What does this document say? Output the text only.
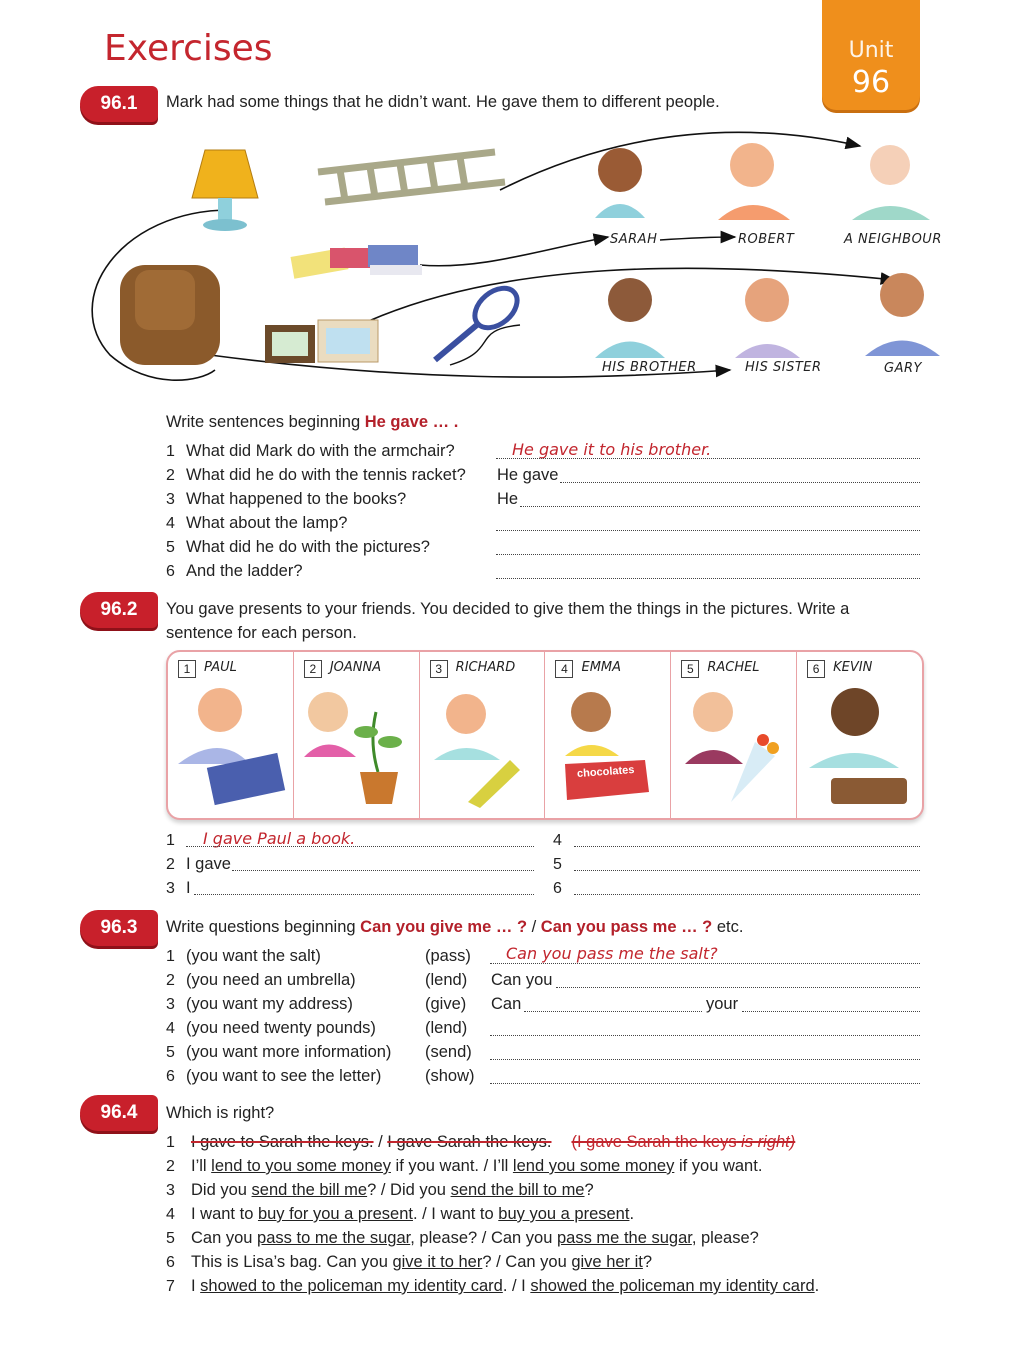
Exercises	Unit
96
96.1	Mark had some things that he didn’t want. He gave them to different people.
SARAH	ROBERT	A NEIGHBOUR
HIS BROTHER	HIS SISTER	GARY
Write sentences beginning He gave … .
1 What did Mark do with the armchair?	He gave it to his brother.
2 What did he do with the tennis racket? He gave
3 What happened to the books?	He
4 What about the lamp?
5 What did he do with the pictures?
6 And the ladder?
96.2	You gave presents to your friends. You decided to give them the things in the pictures. Write a
sentence for each person.
1	PAUL	2	JOANNA	3	RICHARD	4	EMMA
chocolates
5	RACHEL	6	KEVIN
1 I gave Paul a book.
2 I gave
3 I
4
5
6
96.3	Write questions beginning Can you give me … ? / Can you pass me … ? etc.
1 (you want the salt)	(pass) Can you pass me the salt?
2 (you need an umbrella)	(lend) Can you
3 (you want my address)	(give) Can	your
4 (you need twenty pounds)	(lend)
5 (you want more information) (send)
6 (you want to see the letter)	(show)
96.4	Which is right?
1 I gave to Sarah the keys. / I gave Sarah the keys. (I gave Sarah the keys is right)
2 I’ll lend to you some money if you want. / I’ll lend you some money if you want.
3 Did you send the bill me? / Did you send the bill to me?
4 I want to buy for you a present. / I want to buy you a present.
5 Can you pass to me the sugar, please? / Can you pass me the sugar, please?
6 This is Lisa’s bag. Can you give it to her? / Can you give her it?
7 I showed to the policeman my identity card. / I showed the policeman my identity card.
